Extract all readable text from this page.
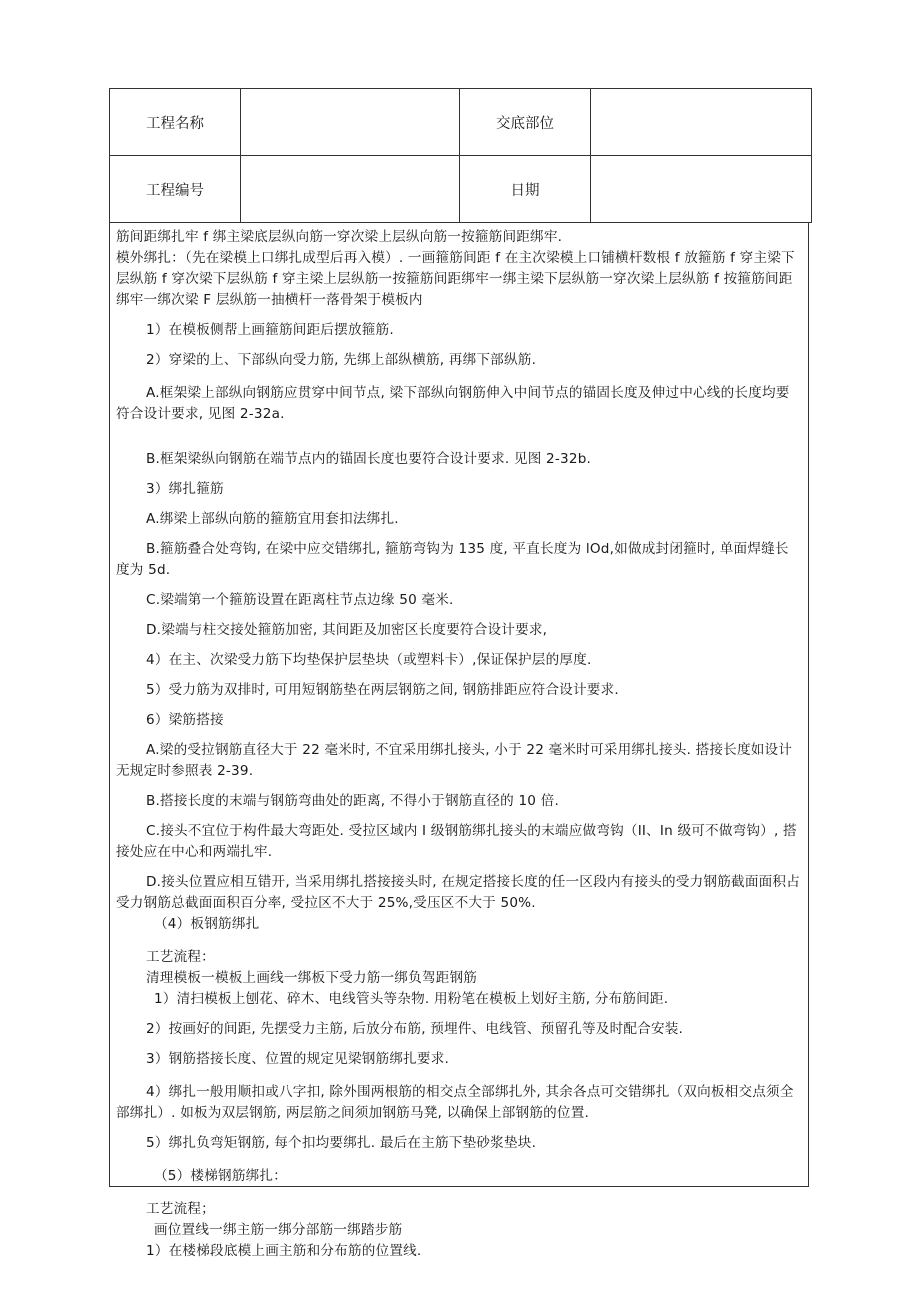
工程名称		交底部位	
工程编号		日期	

筋间距绑扎牢 f 绑主梁底层纵向筋一穿次梁上层纵向筋一按箍筋间距绑牢.

模外绑扎：（先在梁模上口绑扎成型后再入模）. 一画箍筋间距 f 在主次梁模上口铺横杆数根 f 放箍筋 f 穿主梁下层纵筋 f 穿次梁下层纵筋 f 穿主梁上层纵筋一按箍筋间距绑牢一绑主梁下层纵筋一穿次梁上层纵筋 f 按箍筋间距绑牢一绑次梁 F 层纵筋一抽横杆一落骨架于模板内

1）在模板侧帮上画箍筋间距后摆放箍筋.

2）穿梁的上、下部纵向受力筋, 先绑上部纵横筋, 再绑下部纵筋.

A.框架梁上部纵向钢筋应贯穿中间节点, 梁下部纵向钢筋伸入中间节点的锚固长度及伸过中心线的长度均要符合设计要求, 见图 2-32a.

B.框架梁纵向钢筋在端节点内的锚固长度也要符合设计要求. 见图 2-32b.

3）绑扎箍筋

A.绑梁上部纵向筋的箍筋宜用套扣法绑扎.

B.箍筋叠合处弯钩, 在梁中应交错绑扎, 箍筋弯钩为 135 度, 平直长度为 lOd,如做成封闭箍时, 单面焊缝长度为 5d.

C.梁端第一个箍筋设置在距离柱节点边缘 50 毫米.

D.梁端与柱交接处箍筋加密, 其间距及加密区长度要符合设计要求,

4）在主、次梁受力筋下均垫保护层垫块（或塑料卡）,保证保护层的厚度.

5）受力筋为双排时, 可用短钢筋垫在两层钢筋之间, 钢筋排距应符合设计要求.

6）梁筋搭接

A.梁的受拉钢筋直径大于 22 毫米时, 不宜采用绑扎接头, 小于 22 毫米时可采用绑扎接头. 搭接长度如设计无规定时参照表 2-39.

B.搭接长度的末端与钢筋弯曲处的距离, 不得小于钢筋直径的 10 倍.

C.接头不宜位于构件最大弯距处. 受拉区域内 I 级钢筋绑扎接头的末端应做弯钩（II、In 级可不做弯钩）, 搭接处应在中心和两端扎牢.

D.接头位置应相互错开, 当采用绑扎搭接接头时, 在规定搭接长度的任一区段内有接头的受力钢筋截面面积占受力钢筋总截面面积百分率, 受拉区不大于 25%,受压区不大于 50%.

（4）板钢筋绑扎

工艺流程：

清理模板一模板上画线一绑板下受力筋一绑负驾距钢筋

1）清扫模板上刨花、碎木、电线管头等杂物. 用粉笔在模板上划好主筋, 分布筋间距.

2）按画好的间距, 先摆受力主筋, 后放分布筋, 预埋件、电线管、预留孔等及时配合安装.

3）钢筋搭接长度、位置的规定见梁钢筋绑扎要求.

4）绑扎一般用顺扣或八字扣, 除外围两根筋的相交点全部绑扎外, 其余各点可交错绑扎（双向板相交点须全部绑扎）. 如板为双层钢筋, 两层筋之间须加钢筋马凳, 以确保上部钢筋的位置.

5）绑扎负弯矩钢筋, 每个扣均要绑扎. 最后在主筋下垫砂浆垫块.

（5）楼梯钢筋绑扎：

工艺流程；

画位置线一绑主筋一绑分部筋一绑踏步筋

1）在楼梯段底模上画主筋和分布筋的位置线.
